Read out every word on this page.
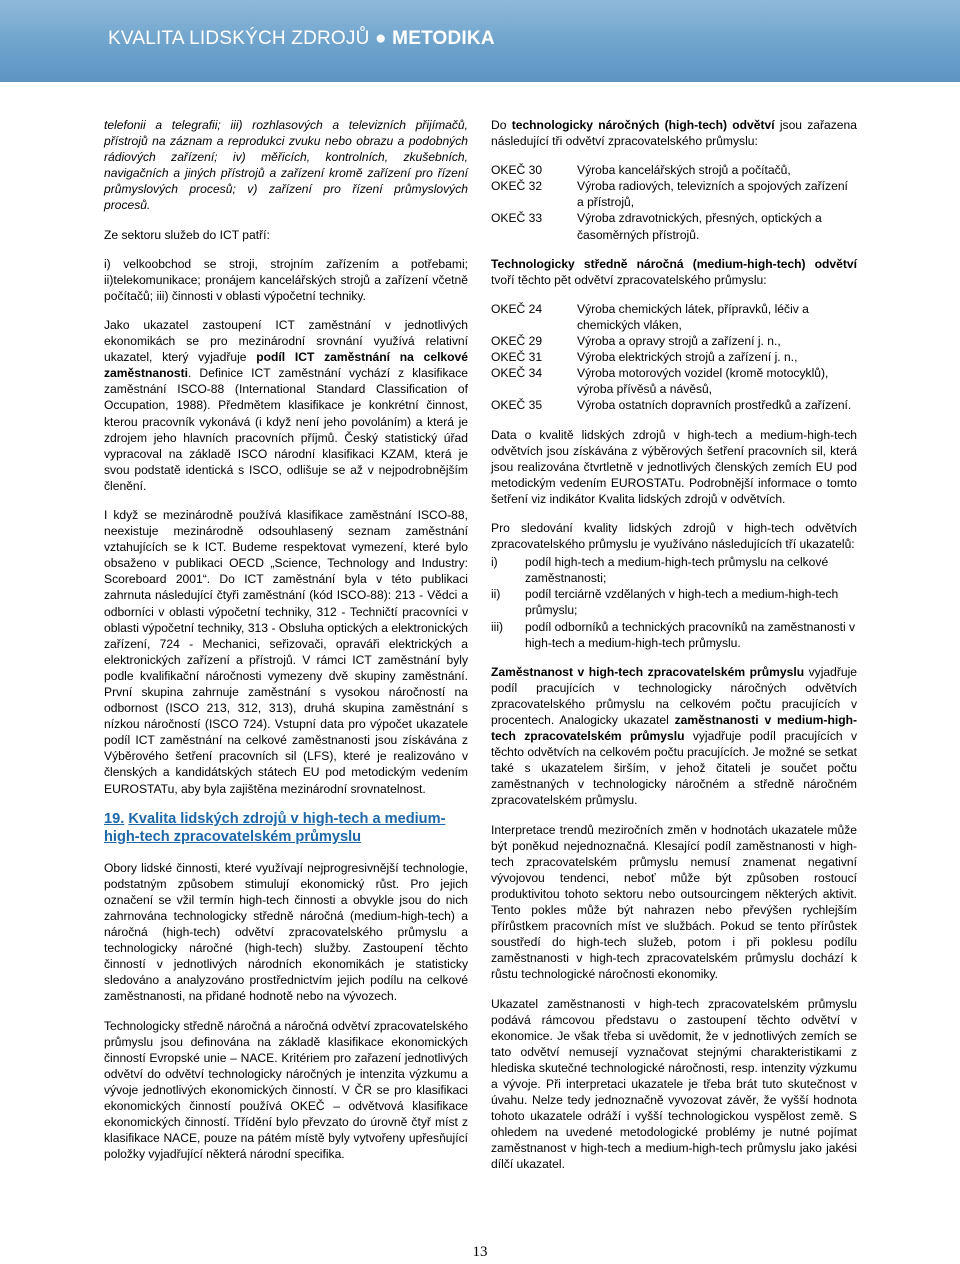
KVALITA LIDSKÝCH ZDROJŮ ● METODIKA

telefonii a telegrafii; iii) rozhlasových a televizních přijímačů, přístrojů na záznam a reprodukci zvuku nebo obrazu a podobných rádiových zařízení; iv) měřicích, kontrolních, zkušebních, navigačních a jiných přístrojů a zařízení kromě zařízení pro řízení průmyslových procesů; v) zařízení pro řízení průmyslových procesů.

Ze sektoru služeb do ICT patří:

i) velkoobchod se stroji, strojním zařízením a potřebami; ii)telekomunikace; pronájem kancelářských strojů a zařízení včetně počítačů; iii) činnosti v oblasti výpočetní techniky.

Jako ukazatel zastoupení ICT zaměstnání v jednotlivých ekonomikách se pro mezinárodní srovnání využívá relativní ukazatel, který vyjadřuje podíl ICT zaměstnání na celkové zaměstnanosti. Definice ICT zaměstnání vychází z klasifikace zaměstnání ISCO-88 (International Standard Classification of Occupation, 1988). Předmětem klasifikace je konkrétní činnost, kterou pracovník vykonává (i když není jeho povoláním) a která je zdrojem jeho hlavních pracovních příjmů. Český statistický úřad vypracoval na základě ISCO národní klasifikaci KZAM, která je svou podstatě identická s ISCO, odlišuje se až v nejpodrobnějším členění.

I když se mezinárodně používá klasifikace zaměstnání ISCO-88, neexistuje mezinárodně odsouhlasený seznam zaměstnání vztahujících se k ICT. Budeme respektovat vymezení, které bylo obsaženo v publikaci OECD „Science, Technology and Industry: Scoreboard 2001“. Do ICT zaměstnání byla v této publikaci zahrnuta následující čtyři zaměstnání (kód ISCO-88): 213 - Vědci a odborníci v oblasti výpočetní techniky, 312 - Techničtí pracovníci v oblasti výpočetní techniky, 313 - Obsluha optických a elektronických zařízení, 724 - Mechanici, seřizovači, opraváři elektrických a elektronických zařízení a přístrojů. V rámci ICT zaměstnání byly podle kvalifikační náročnosti vymezeny dvě skupiny zaměstnání. První skupina zahrnuje zaměstnání s vysokou náročností na odbornost (ISCO 213, 312, 313), druhá skupina zaměstnání s nízkou náročností (ISCO 724). Vstupní data pro výpočet ukazatele podíl ICT zaměstnání na celkové zaměstnanosti jsou získávána z Výběrového šetření pracovních sil (LFS), které je realizováno v členských a kandidátských státech EU pod metodickým vedením EUROSTATu, aby byla zajištěna mezinárodní srovnatelnost.

19. Kvalita lidských zdrojů v high-tech a medium-high-tech zpracovatelském průmyslu

Obory lidské činnosti, které využívají nejprogresivnější technologie, podstatným způsobem stimulují ekonomický růst. Pro jejich označení se vžil termín high-tech činnosti a obvykle jsou do nich zahrnována technologicky středně náročná (medium-high-tech) a náročná (high-tech) odvětví zpracovatelského průmyslu a technologicky náročné (high-tech) služby. Zastoupení těchto činností v jednotlivých národních ekonomikách je statisticky sledováno a analyzováno prostřednictvím jejich podílu na celkové zaměstnanosti, na přidané hodnotě nebo na vývozech.

Technologicky středně náročná a náročná odvětví zpracovatelského průmyslu jsou definována na základě klasifikace ekonomických činností Evropské unie – NACE. Kritériem pro zařazení jednotlivých odvětví do odvětví technologicky náročných je intenzita výzkumu a vývoje jednotlivých ekonomických činností. V ČR se pro klasifikaci ekonomických činností používá OKEČ – odvětvová klasifikace ekonomických činností. Třídění bylo převzato do úrovně čtyř míst z klasifikace NACE, pouze na pátém místě byly vytvořeny upřesňující položky vyjadřující některá národní specifika.

Do technologicky náročných (high-tech) odvětví jsou zařazena následující tři odvětví zpracovatelského průmyslu:

OKEČ 30	Výroba kancelářských strojů a počítačů,
OKEČ 32	Výroba radiových, televizních a spojových zařízení a přístrojů,
OKEČ 33	Výroba zdravotnických, přesných, optických a časoměrných přístrojů.

Technologicky středně náročná (medium-high-tech) odvětví tvoří těchto pět odvětví zpracovatelského průmyslu:

OKEČ 24	Výroba chemických látek, přípravků, léčiv a chemických vláken,
OKEČ 29	Výroba a opravy strojů a zařízení j. n.,
OKEČ 31	Výroba elektrických strojů a zařízení j. n.,
OKEČ 34	Výroba motorových vozidel (kromě motocyklů), výroba přívěsů a návěsů,
OKEČ 35	Výroba ostatních dopravních prostředků a zařízení.

Data o kvalitě lidských zdrojů v high-tech a medium-high-tech odvětvích jsou získávána z výběrových šetření pracovních sil, která jsou realizována čtvrtletně v jednotlivých členských zemích EU pod metodickým vedením EUROSTATu. Podrobnější informace o tomto šetření viz indikátor Kvalita lidských zdrojů v odvětvích.

Pro sledování kvality lidských zdrojů v high-tech odvětvích zpracovatelského průmyslu je využíváno následujících tří ukazatelů:

i)	podíl high-tech a medium-high-tech průmyslu na celkové zaměstnanosti;
ii)	podíl terciárně vzdělaných v high-tech a medium-high-tech průmyslu;
iii)	podíl odborníků a technických pracovníků na zaměstnanosti v high-tech a medium-high-tech průmyslu.

Zaměstnanost v high-tech zpracovatelském průmyslu vyjadřuje podíl pracujících v technologicky náročných odvětvích zpracovatelského průmyslu na celkovém počtu pracujících v procentech. Analogicky ukazatel zaměstnanosti v medium-high-tech zpracovatelském průmyslu vyjadřuje podíl pracujících v těchto odvětvích na celkovém počtu pracujících. Je možné se setkat také s ukazatelem širším, v jehož čitateli je součet počtu zaměstnaných v technologicky náročném a středně náročném zpracovatelském průmyslu.

Interpretace trendů meziročních změn v hodnotách ukazatele může být poněkud nejednoznačná. Klesající podíl zaměstnanosti v high-tech zpracovatelském průmyslu nemusí znamenat negativní vývojovou tendenci, neboť může být způsoben rostoucí produktivitou tohoto sektoru nebo outsourcingem některých aktivit. Tento pokles může být nahrazen nebo převýšen rychlejším přírůstkem pracovních míst ve službách. Pokud se tento přírůstek soustředí do high-tech služeb, potom i při poklesu podílu zaměstnanosti v high-tech zpracovatelském průmyslu dochází k růstu technologické náročnosti ekonomiky.

Ukazatel zaměstnanosti v high-tech zpracovatelském průmyslu podává rámcovou představu o zastoupení těchto odvětví v ekonomice. Je však třeba si uvědomit, že v jednotlivých zemích se tato odvětví nemusejí vyznačovat stejnými charakteristikami z hlediska skutečné technologické náročnosti, resp. intenzity výzkumu a vývoje. Při interpretaci ukazatele je třeba brát tuto skutečnost v úvahu. Nelze tedy jednoznačně vyvozovat závěr, že vyšší hodnota tohoto ukazatele odráží i vyšší technologickou vyspělost země. S ohledem na uvedené metodologické problémy je nutné pojímat zaměstnanost v high-tech a medium-high-tech průmyslu jako jakési dílčí ukazatel.

13
